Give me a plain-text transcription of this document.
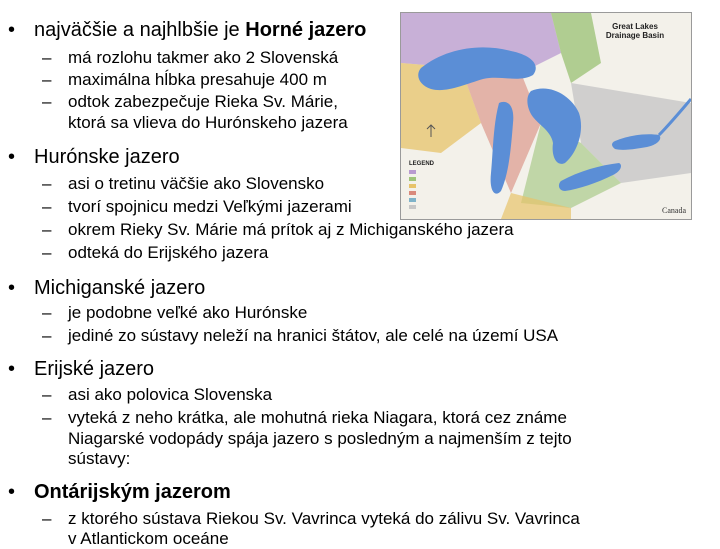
• najväčšie a najhlbšie je Horné jazero
– má rozlohu takmer ako 2 Slovenská
– maximálna hĺbka presahuje 400 m
– odtok zabezpečuje Rieka Sv. Márie,
ktorá sa vlieva do Hurónskeho jazera
• Hurónske jazero
– asi o tretinu väčšie ako Slovensko
– tvorí spojnicu medzi Veľkými jazerami
– okrem Rieky Sv. Márie má prítok aj z Michiganského jazera
– odteká do Erijského jazera
• Michiganské jazero
– je podobne veľké ako Hurónske
– jediné zo sústavy neleží na hranici štátov, ale celé na území USA
• Erijské jazero
– asi ako polovica Slovenska
– vyteká z neho krátka, ale mohutná rieka Niagara, ktorá cez známe
Niagarské vodopády spája jazero s posledným a najmenším z tejto
sústavy:
• Ontárijským jazerom
– z ktorého sústava Riekou Sv. Vavrinca vyteká do zálivu Sv. Vavrinca
v Atlantickom oceáne
Great Lakes Drainage Basin
LEGEND
Canada
